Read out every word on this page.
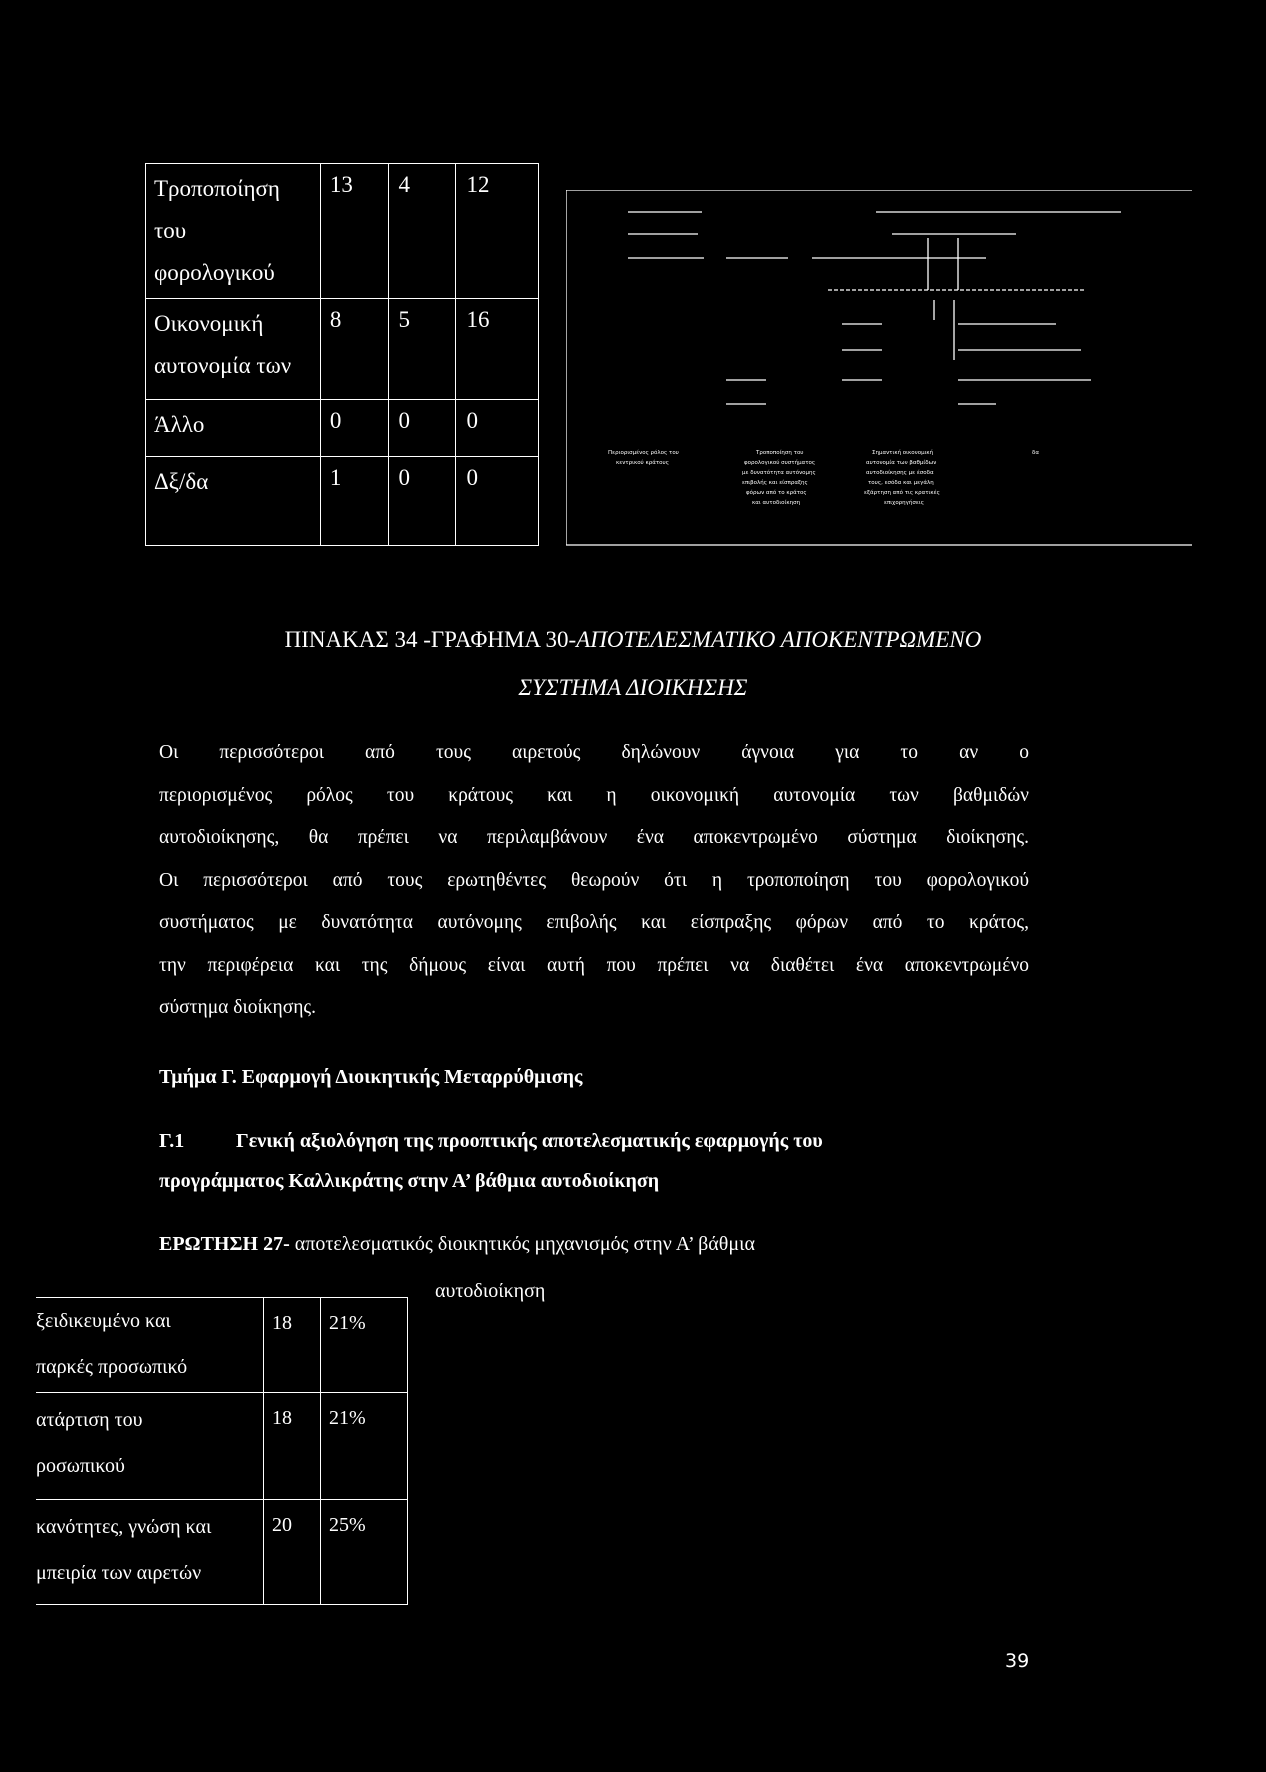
Τροποποίηση
του
φορολογικού	13	4	12

Οικονομική
αυτονομία των	8	5	16

Άλλο	0	0	0

Δξ/δα	1	0	0
Περιορισμένος ρόλος του
κεντρικού κράτους
Τροποποίηση του
φορολογικού συστήματος
με δυνατότητα αυτόνομης
επιβολής και είσπραξης
φόρων από το κράτος
και αυτοδιοίκηση
Σημαντική οικονομική
αυτονομία των βαθμίδων
αυτοδιοίκησης με έσοδα
τους, εσόδα και μεγάλη
εξάρτηση από τις κρατικές
επιχορηγήσεις
δα
ΠΙΝΑΚΑΣ 34 -ΓΡΑΦΗΜΑ 30-ΑΠΟΤΕΛΕΣΜΑΤΙΚΟ ΑΠΟΚΕΝΤΡΩΜΕΝΟ
ΣΥΣΤΗΜΑ ΔΙΟΙΚΗΣΗΣ

Οι περισσότεροι από τους αιρετούς δηλώνουν άγνοια για το αν ο

περιορισμένος ρόλος του κράτους και η οικονομική αυτονομία των βαθμιδών

αυτοδιοίκησης, θα πρέπει να περιλαμβάνουν ένα αποκεντρωμένο σύστημα διοίκησης.

Οι περισσότεροι από τους ερωτηθέντες θεωρούν ότι η τροποποίηση του φορολογικού

συστήματος με δυνατότητα αυτόνομης επιβολής και είσπραξης φόρων από το κράτος,

την περιφέρεια και της δήμους είναι αυτή που πρέπει να διαθέτει ένα αποκεντρωμένο

σύστημα διοίκησης.

Τμήμα Γ. Εφαρμογή Διοικητικής Μεταρρύθμισης
Γ.1	Γενική αξιολόγηση της προοπτικής αποτελεσματικής εφαρμογής του
προγράμματος Καλλικράτης στην Α’ βάθμια αυτοδιοίκηση
ΕΡΩΤΗΣΗ 27- αποτελεσματικός διοικητικός μηχανισμός στην Α’ βάθμια
αυτοδιοίκηση
ξειδικευμένο και
παρκές προσωπικό	18	21%

ατάρτιση του
ροσωπικού	18	21%

κανότητες, γνώση και
μπειρία των αιρετών	20	25%
39
